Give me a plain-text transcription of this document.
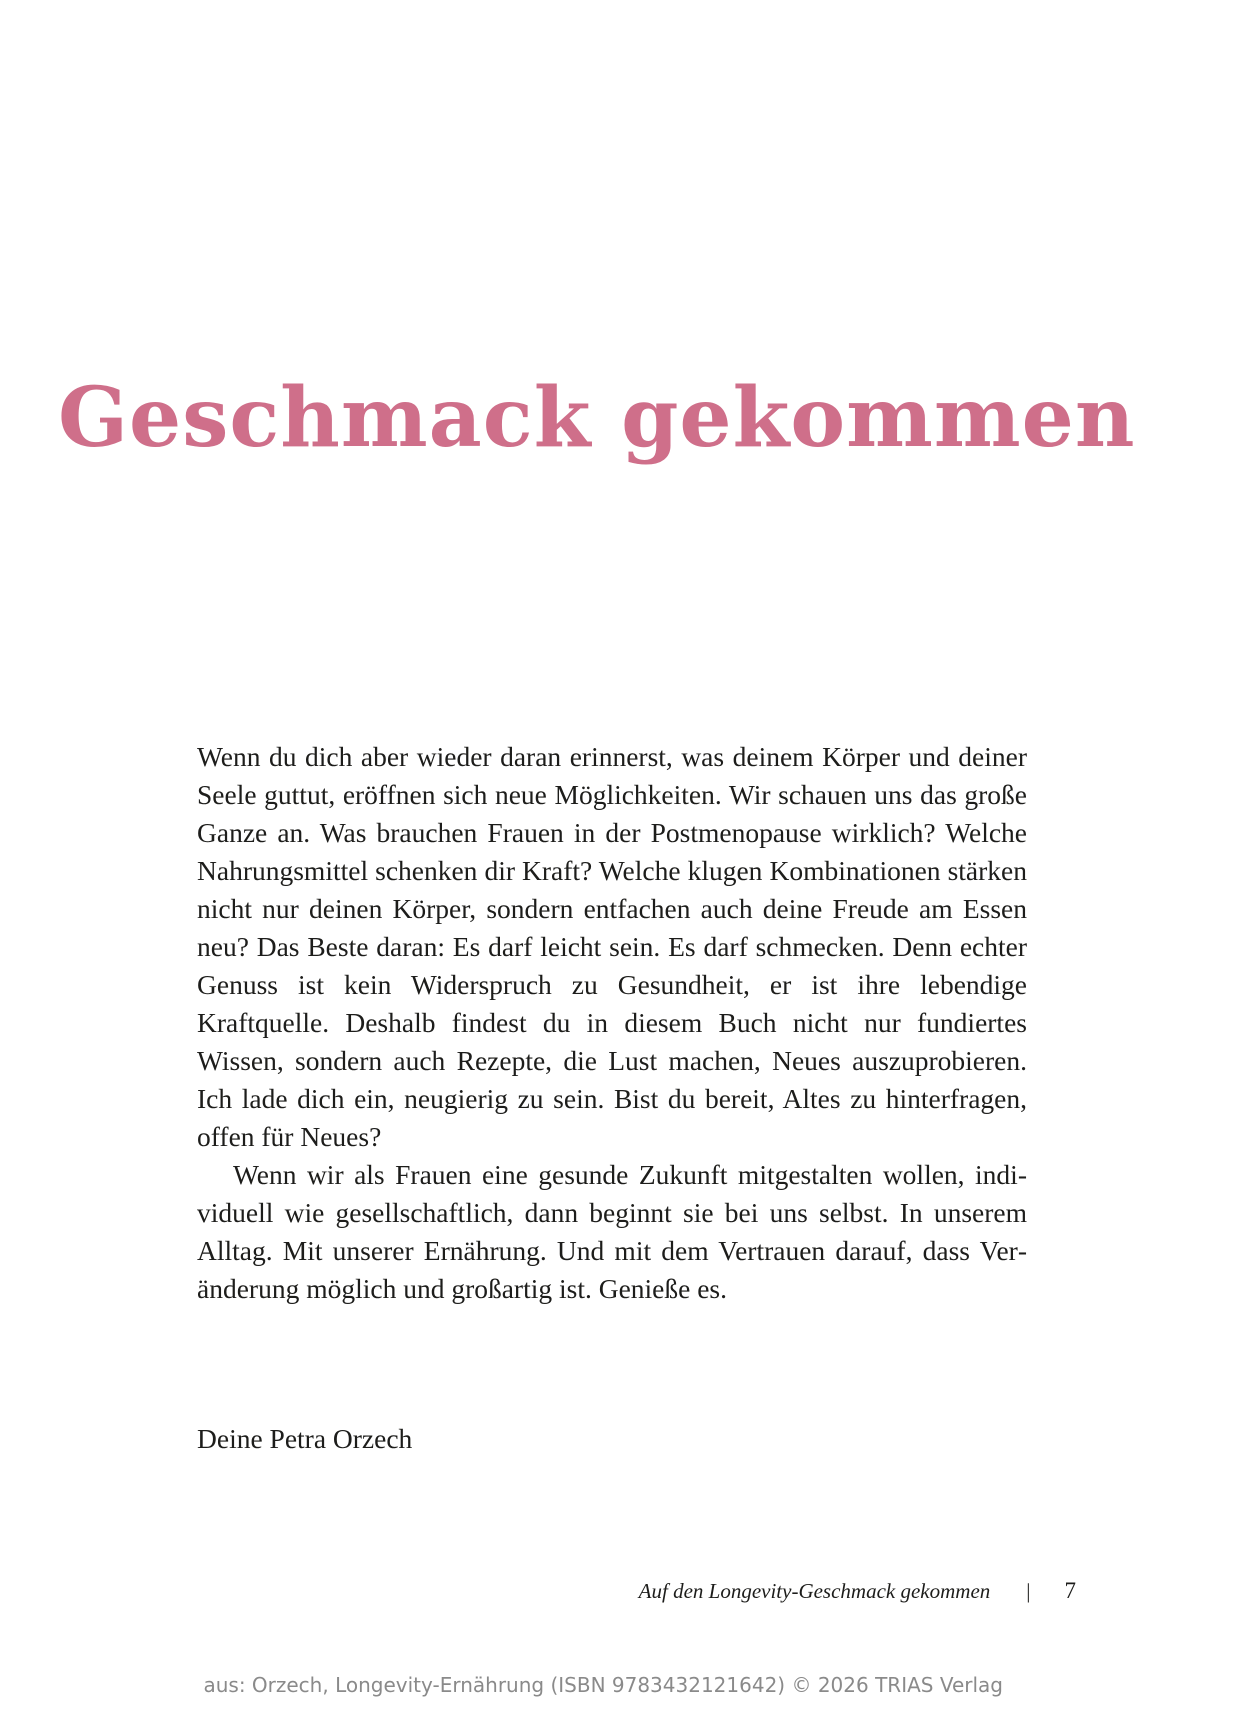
Geschmack gekommen

Wenn du dich aber wieder daran erinnerst, was deinem Körper und deiner Seele guttut, eröffnen sich neue Möglichkeiten. Wir schauen uns das große Ganze an. Was brauchen Frauen in der Postmenopause wirklich? Welche Nahrungsmittel schenken dir Kraft? Welche klugen Kombinationen stärken nicht nur deinen Körper, sondern entfachen auch deine Freude am Essen neu? Das Beste daran: Es darf leicht sein. Es darf schmecken. Denn echter Genuss ist kein Widerspruch zu Gesundheit, er ist ihre lebendige Kraftquelle. Deshalb findest du in diesem Buch nicht nur fundiertes Wissen, sondern auch Rezepte, die Lust machen, Neues auszuprobieren. Ich lade dich ein, neugierig zu sein. Bist du bereit, Altes zu hinterfragen, offen für Neues?

Wenn wir als Frauen eine gesunde Zukunft mitgestalten wollen, individuell wie gesellschaftlich, dann beginnt sie bei uns selbst. In unserem Alltag. Mit unserer Ernährung. Und mit dem Vertrauen darauf, dass Veränderung möglich und großartig ist. Genieße es.

Deine Petra Orzech

Auf den Longevity-Geschmack gekommen | 7
aus: Orzech, Longevity-Ernährung (ISBN 9783432121642) © 2026 TRIAS Verlag
